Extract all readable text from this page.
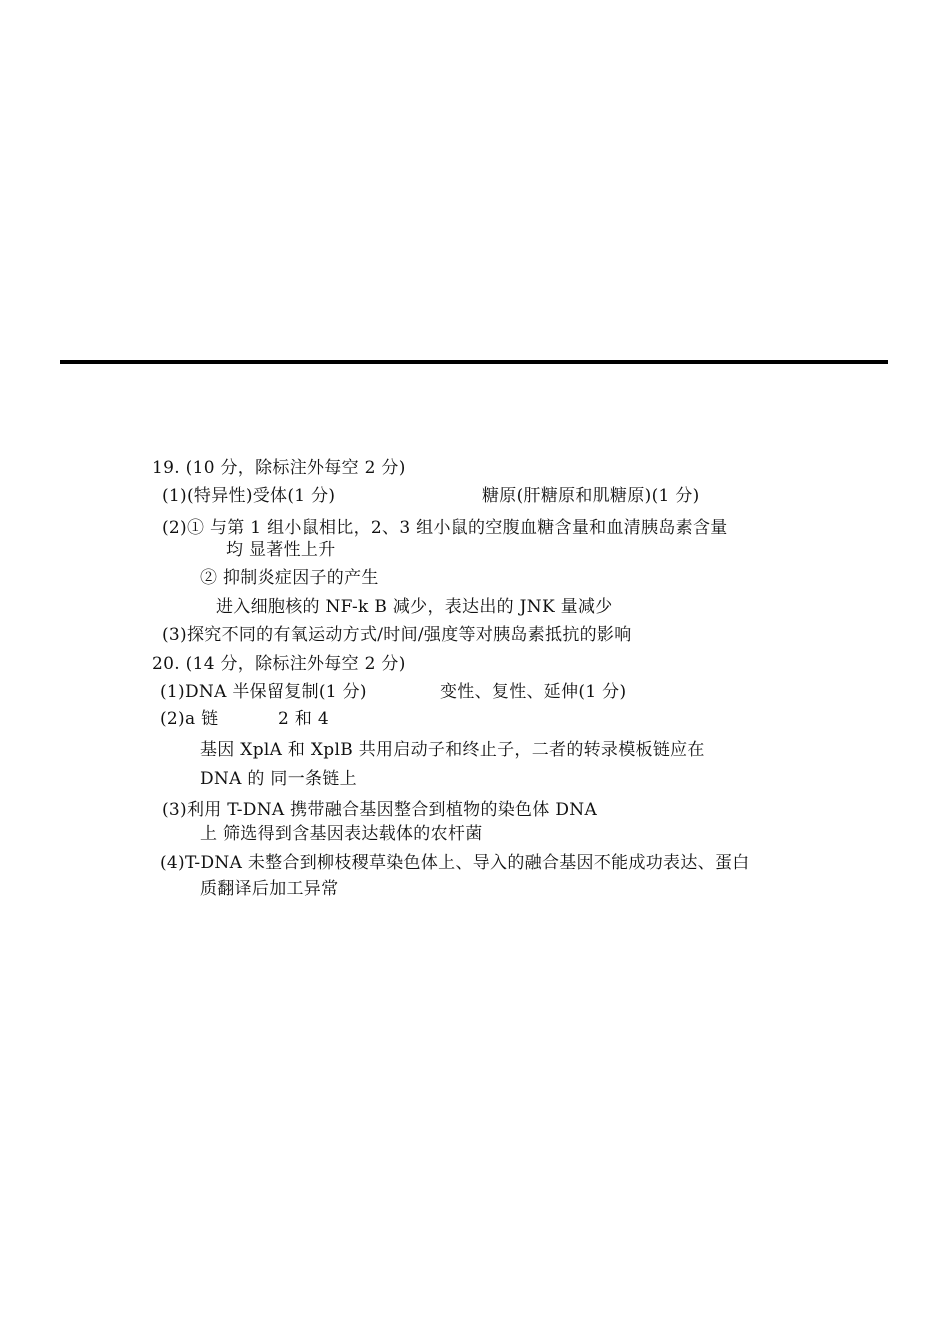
19. (10 分，除标注外每空 2 分)
(1)(特异性)受体(1 分)	糖原(肝糖原和肌糖原)(1 分)
(2)① 与第 1 组小鼠相比，2、3 组小鼠的空腹血糖含量和血清胰岛素含量
均 显著性上升
② 抑制炎症因子的产生
进入细胞核的 NF-k B 减少，表达出的 JNK 量减少
(3)探究不同的有氧运动方式/时间/强度等对胰岛素抵抗的影响
20. (14 分，除标注外每空 2 分)
(1)DNA 半保留复制(1 分)	变性、复性、延伸(1 分)
(2)a 链	2 和 4
基因 XplA 和 XplB 共用启动子和终止子，二者的转录模板链应在
DNA 的 同一条链上
(3)利用 T-DNA 携带融合基因整合到植物的染色体 DNA
上 筛选得到含基因表达载体的农杆菌
(4)T-DNA 未整合到柳枝稷草染色体上、导入的融合基因不能成功表达、蛋白
质翻译后加工异常
